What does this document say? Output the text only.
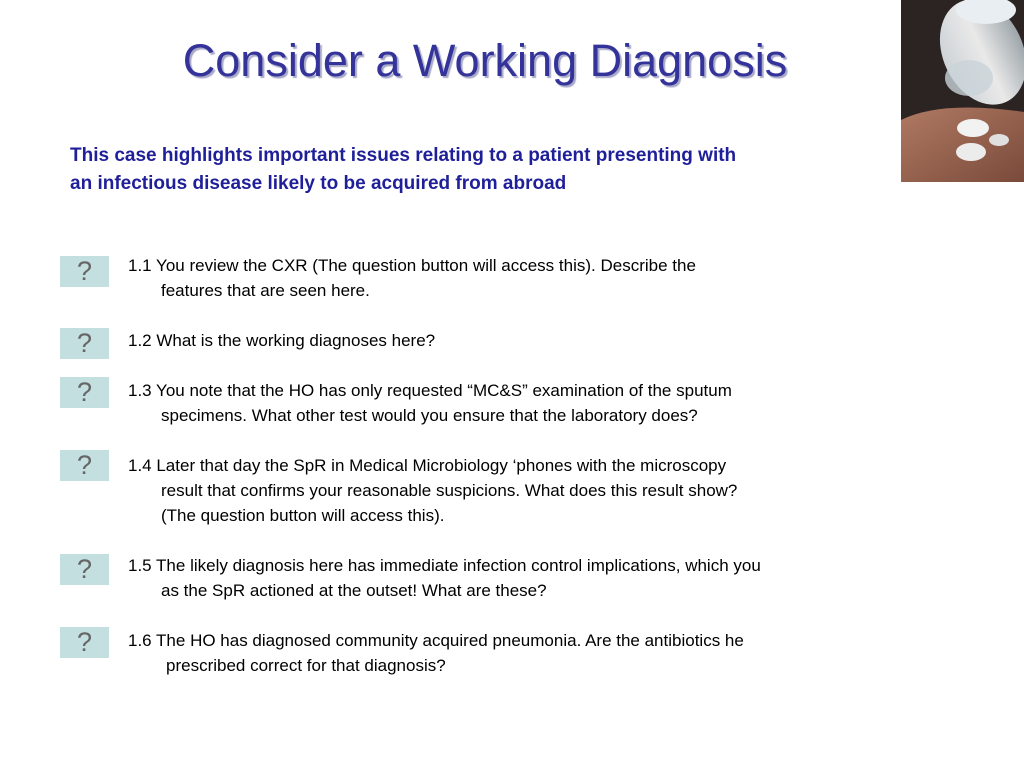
Consider a Working Diagnosis
This case highlights important issues relating to a patient presenting with
an infectious disease likely to be acquired from abroad
?	1.1 You review the CXR (The question button will access this). Describe the
features that are seen here.

?	1.2 What is the working diagnoses here?

?	1.3 You note that the HO has only requested “MC&S” examination of the sputum
specimens. What other test would you ensure that the laboratory does?

?	1.4 Later that day the SpR in Medical Microbiology ‘phones with the microscopy
result that confirms your reasonable suspicions. What does this result show?
(The question button will access this).

?	1.5 The likely diagnosis here has immediate infection control implications, which you
as the SpR actioned at the outset! What are these?

?	1.6 The HO has diagnosed community acquired pneumonia. Are the antibiotics he
prescribed correct for that diagnosis?
